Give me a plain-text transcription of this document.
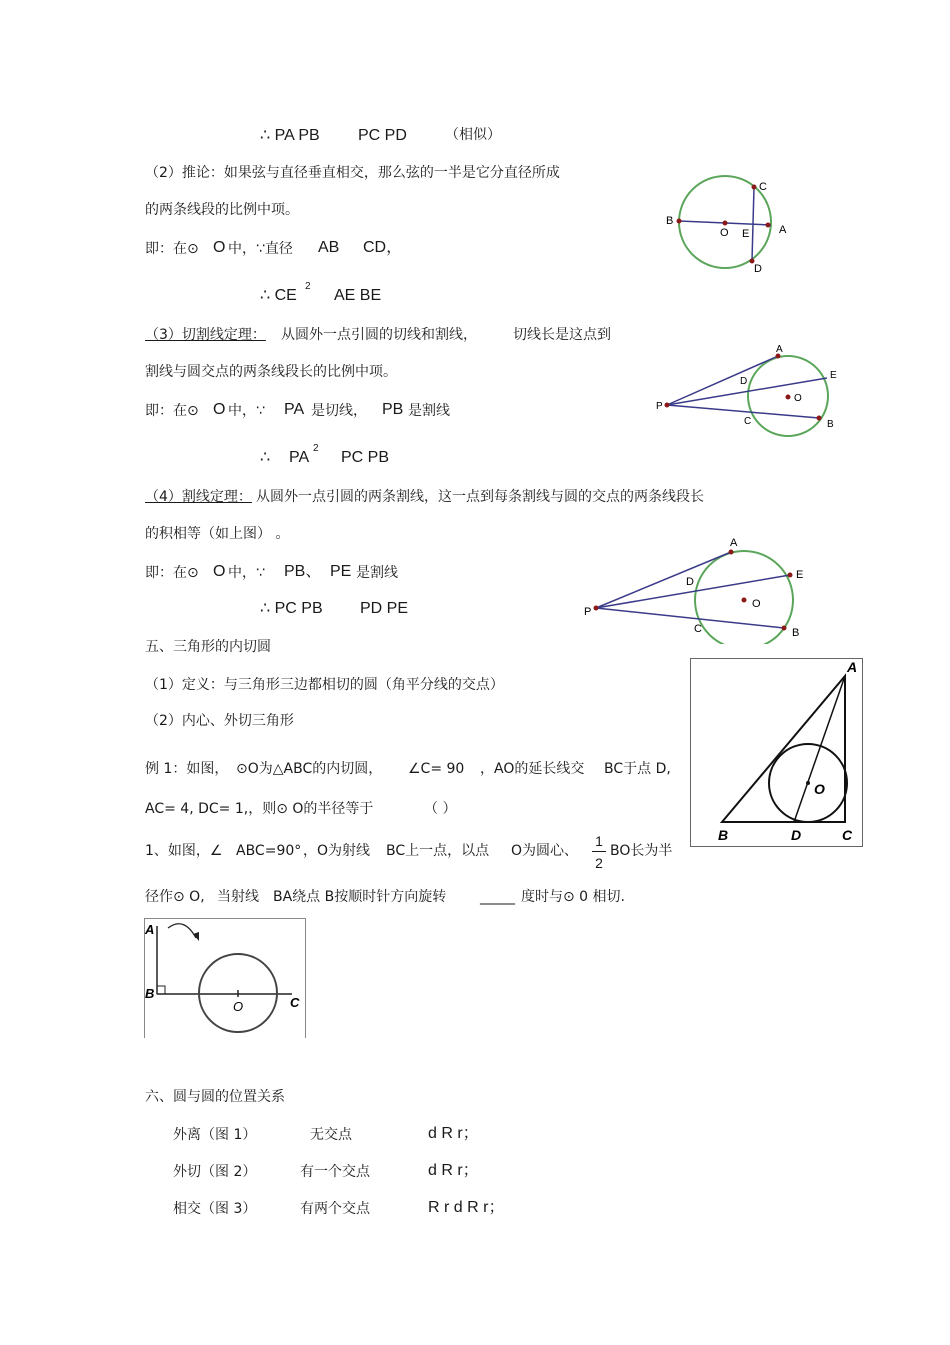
∴ PA PB PC PD	（相似）
（2）推论：如果弦与直径垂直相交，那么弦的一半是它分直径所成
的两条线段的比例中项。
即：在⊙ O 中，∵直径 AB CD，
∴ CE
2
AE BE
C
B
O E	A
D
（3）切割线定理： 从圆外一点引圆的切线和割线，	切线长是这点到
割线与圆交点的两条线段长的比例中项。
即：在⊙ O 中，∵ PA 是切线， PB 是割线
∴ PA
2
PC PB
A
E
D
P
O
C	B
（4）割线定理： 从圆外一点引圆的两条割线，这一点到每条割线与圆的交点的两条线段长
的积相等（如上图） 。
即：在⊙ O 中，∵ PB、 PE 是割线
∴ PC PB PD PE
A
E
D
P
O
C	B
五、三角形的内切圆
（1）定义：与三角形三边都相切的圆（角平分线的交点）
（2）内心、外切三角形
例 1：如图， ⊙O为△ABC的内切圆， ∠C= 90 ，AO的延长线交 BC于点 D,
AC= 4, DC= 1,，则⊙ O的半径等于	（ ）
1、如图，∠ ABC=90° ，O为射线 BC上一点，以点 O为圆心、
1
2
BO长为半
径作⊙ O, 当射线 BA绕点 B按顺时针方向旋转 _____ 度时与⊙ 0 相切.
A
O
B	D	C
A
B
O	C
六、圆与圆的位置关系
外离（图 1）	无交点	d R r；
外切（图 2）	有一个交点	d R r；
相交（图 3）	有两个交点	R r d R r；
